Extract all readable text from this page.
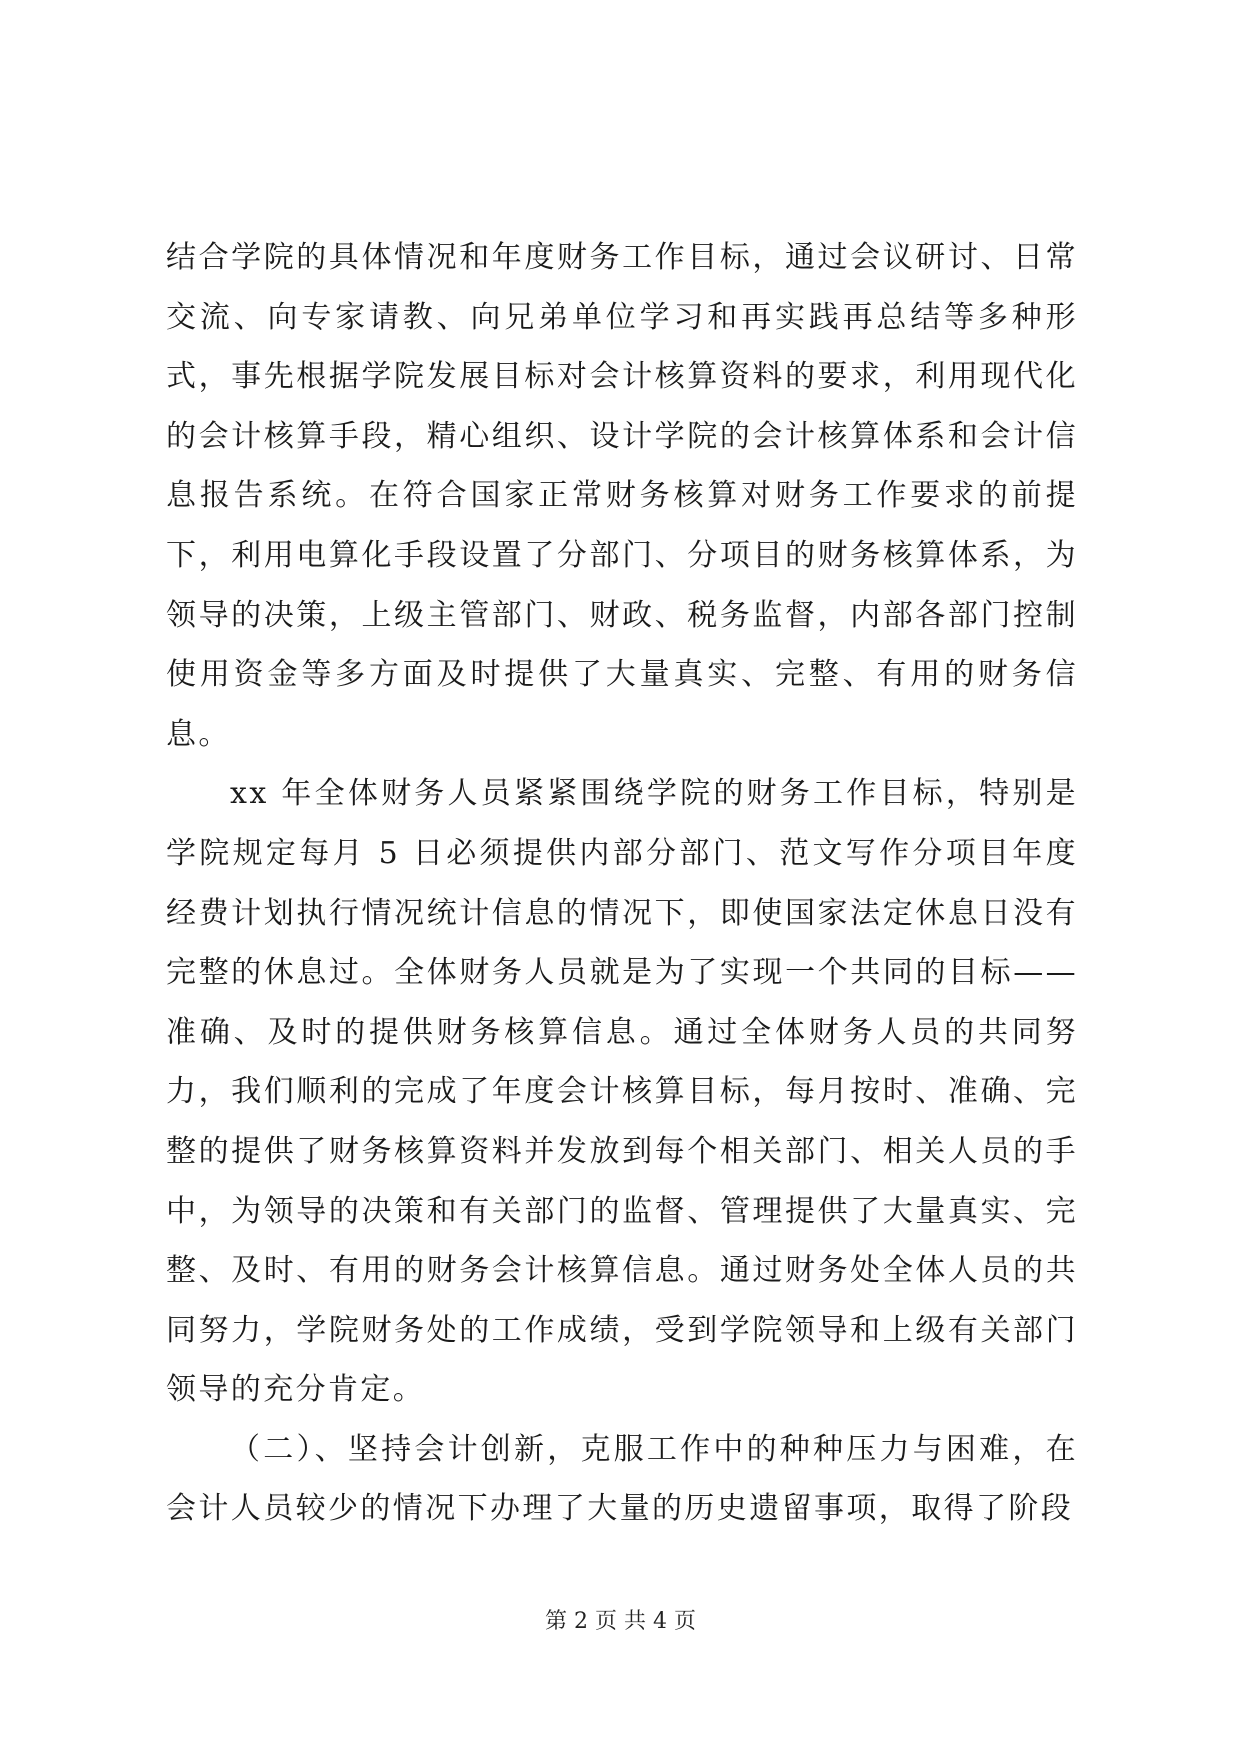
结合学院的具体情况和年度财务工作目标，通过会议研讨、日常交流、向专家请教、向兄弟单位学习和再实践再总结等多种形式，事先根据学院发展目标对会计核算资料的要求，利用现代化的会计核算手段，精心组织、设计学院的会计核算体系和会计信息报告系统。在符合国家正常财务核算对财务工作要求的前提下，利用电算化手段设置了分部门、分项目的财务核算体系，为领导的决策，上级主管部门、财政、税务监督，内部各部门控制使用资金等多方面及时提供了大量真实、完整、有用的财务信息。

xx 年全体财务人员紧紧围绕学院的财务工作目标，特别是学院规定每月 5 日必须提供内部分部门、范文写作分项目年度经费计划执行情况统计信息的情况下，即使国家法定休息日没有完整的休息过。全体财务人员就是为了实现一个共同的目标——准确、及时的提供财务核算信息。通过全体财务人员的共同努力，我们顺利的完成了年度会计核算目标，每月按时、准确、完整的提供了财务核算资料并发放到每个相关部门、相关人员的手中，为领导的决策和有关部门的监督、管理提供了大量真实、完整、及时、有用的财务会计核算信息。通过财务处全体人员的共同努力，学院财务处的工作成绩，受到学院领导和上级有关部门领导的充分肯定。

（二）、坚持会计创新，克服工作中的种种压力与困难，在会计人员较少的情况下办理了大量的历史遗留事项，取得了阶段

第 2 页 共 4 页
